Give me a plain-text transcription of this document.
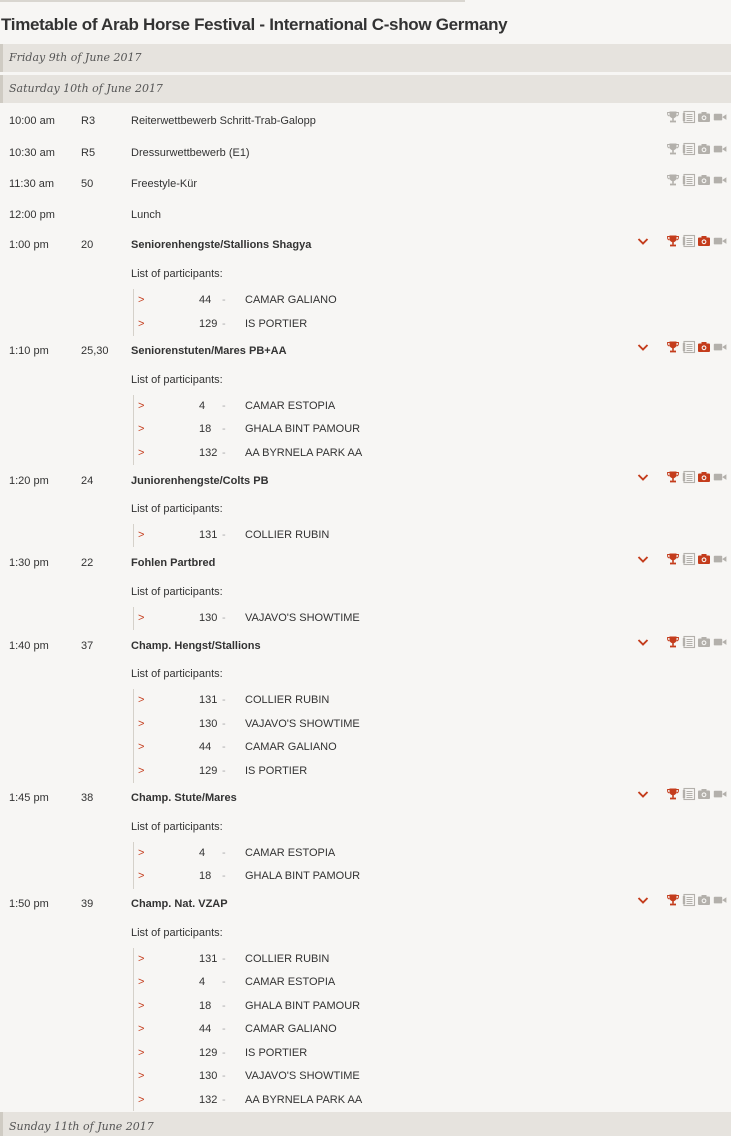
Timetable of Arab Horse Festival - International C-show Germany
Friday 9th of June 2017
Saturday 10th of June 2017
10:00 am R3	Reiterwettbewerb Schritt-Trab-Galopp
10:30 am R5	Dressurwettbewerb (E1)
11:30 am 50	Freestyle-Kür
12:00 pm	Lunch
1:00 pm	20	Seniorenhengste/Stallions Shagya
List of participants:
>	44 - CAMAR GALIANO
>	129 - IS PORTIER
1:10 pm	25,30 Seniorenstuten/Mares PB+AA
List of participants:
>	4 - CAMAR ESTOPIA
>	18 - GHALA BINT PAMOUR
>	132 - AA BYRNELA PARK AA
1:20 pm	24	Juniorenhengste/Colts PB
List of participants:
>	131 - COLLIER RUBIN
1:30 pm	22	Fohlen Partbred
List of participants:
>	130 - VAJAVO'S SHOWTIME
1:40 pm	37	Champ. Hengst/Stallions
List of participants:
>	131 - COLLIER RUBIN
>	130 - VAJAVO'S SHOWTIME
>	44 - CAMAR GALIANO
>	129 - IS PORTIER
1:45 pm	38	Champ. Stute/Mares
List of participants:
>	4 - CAMAR ESTOPIA
>	18 - GHALA BINT PAMOUR
1:50 pm	39	Champ. Nat. VZAP
List of participants:
>	131 - COLLIER RUBIN
>	4 - CAMAR ESTOPIA
>	18 - GHALA BINT PAMOUR
>	44 - CAMAR GALIANO
>	129 - IS PORTIER
>	130 - VAJAVO'S SHOWTIME
>	132 - AA BYRNELA PARK AA
Sunday 11th of June 2017
